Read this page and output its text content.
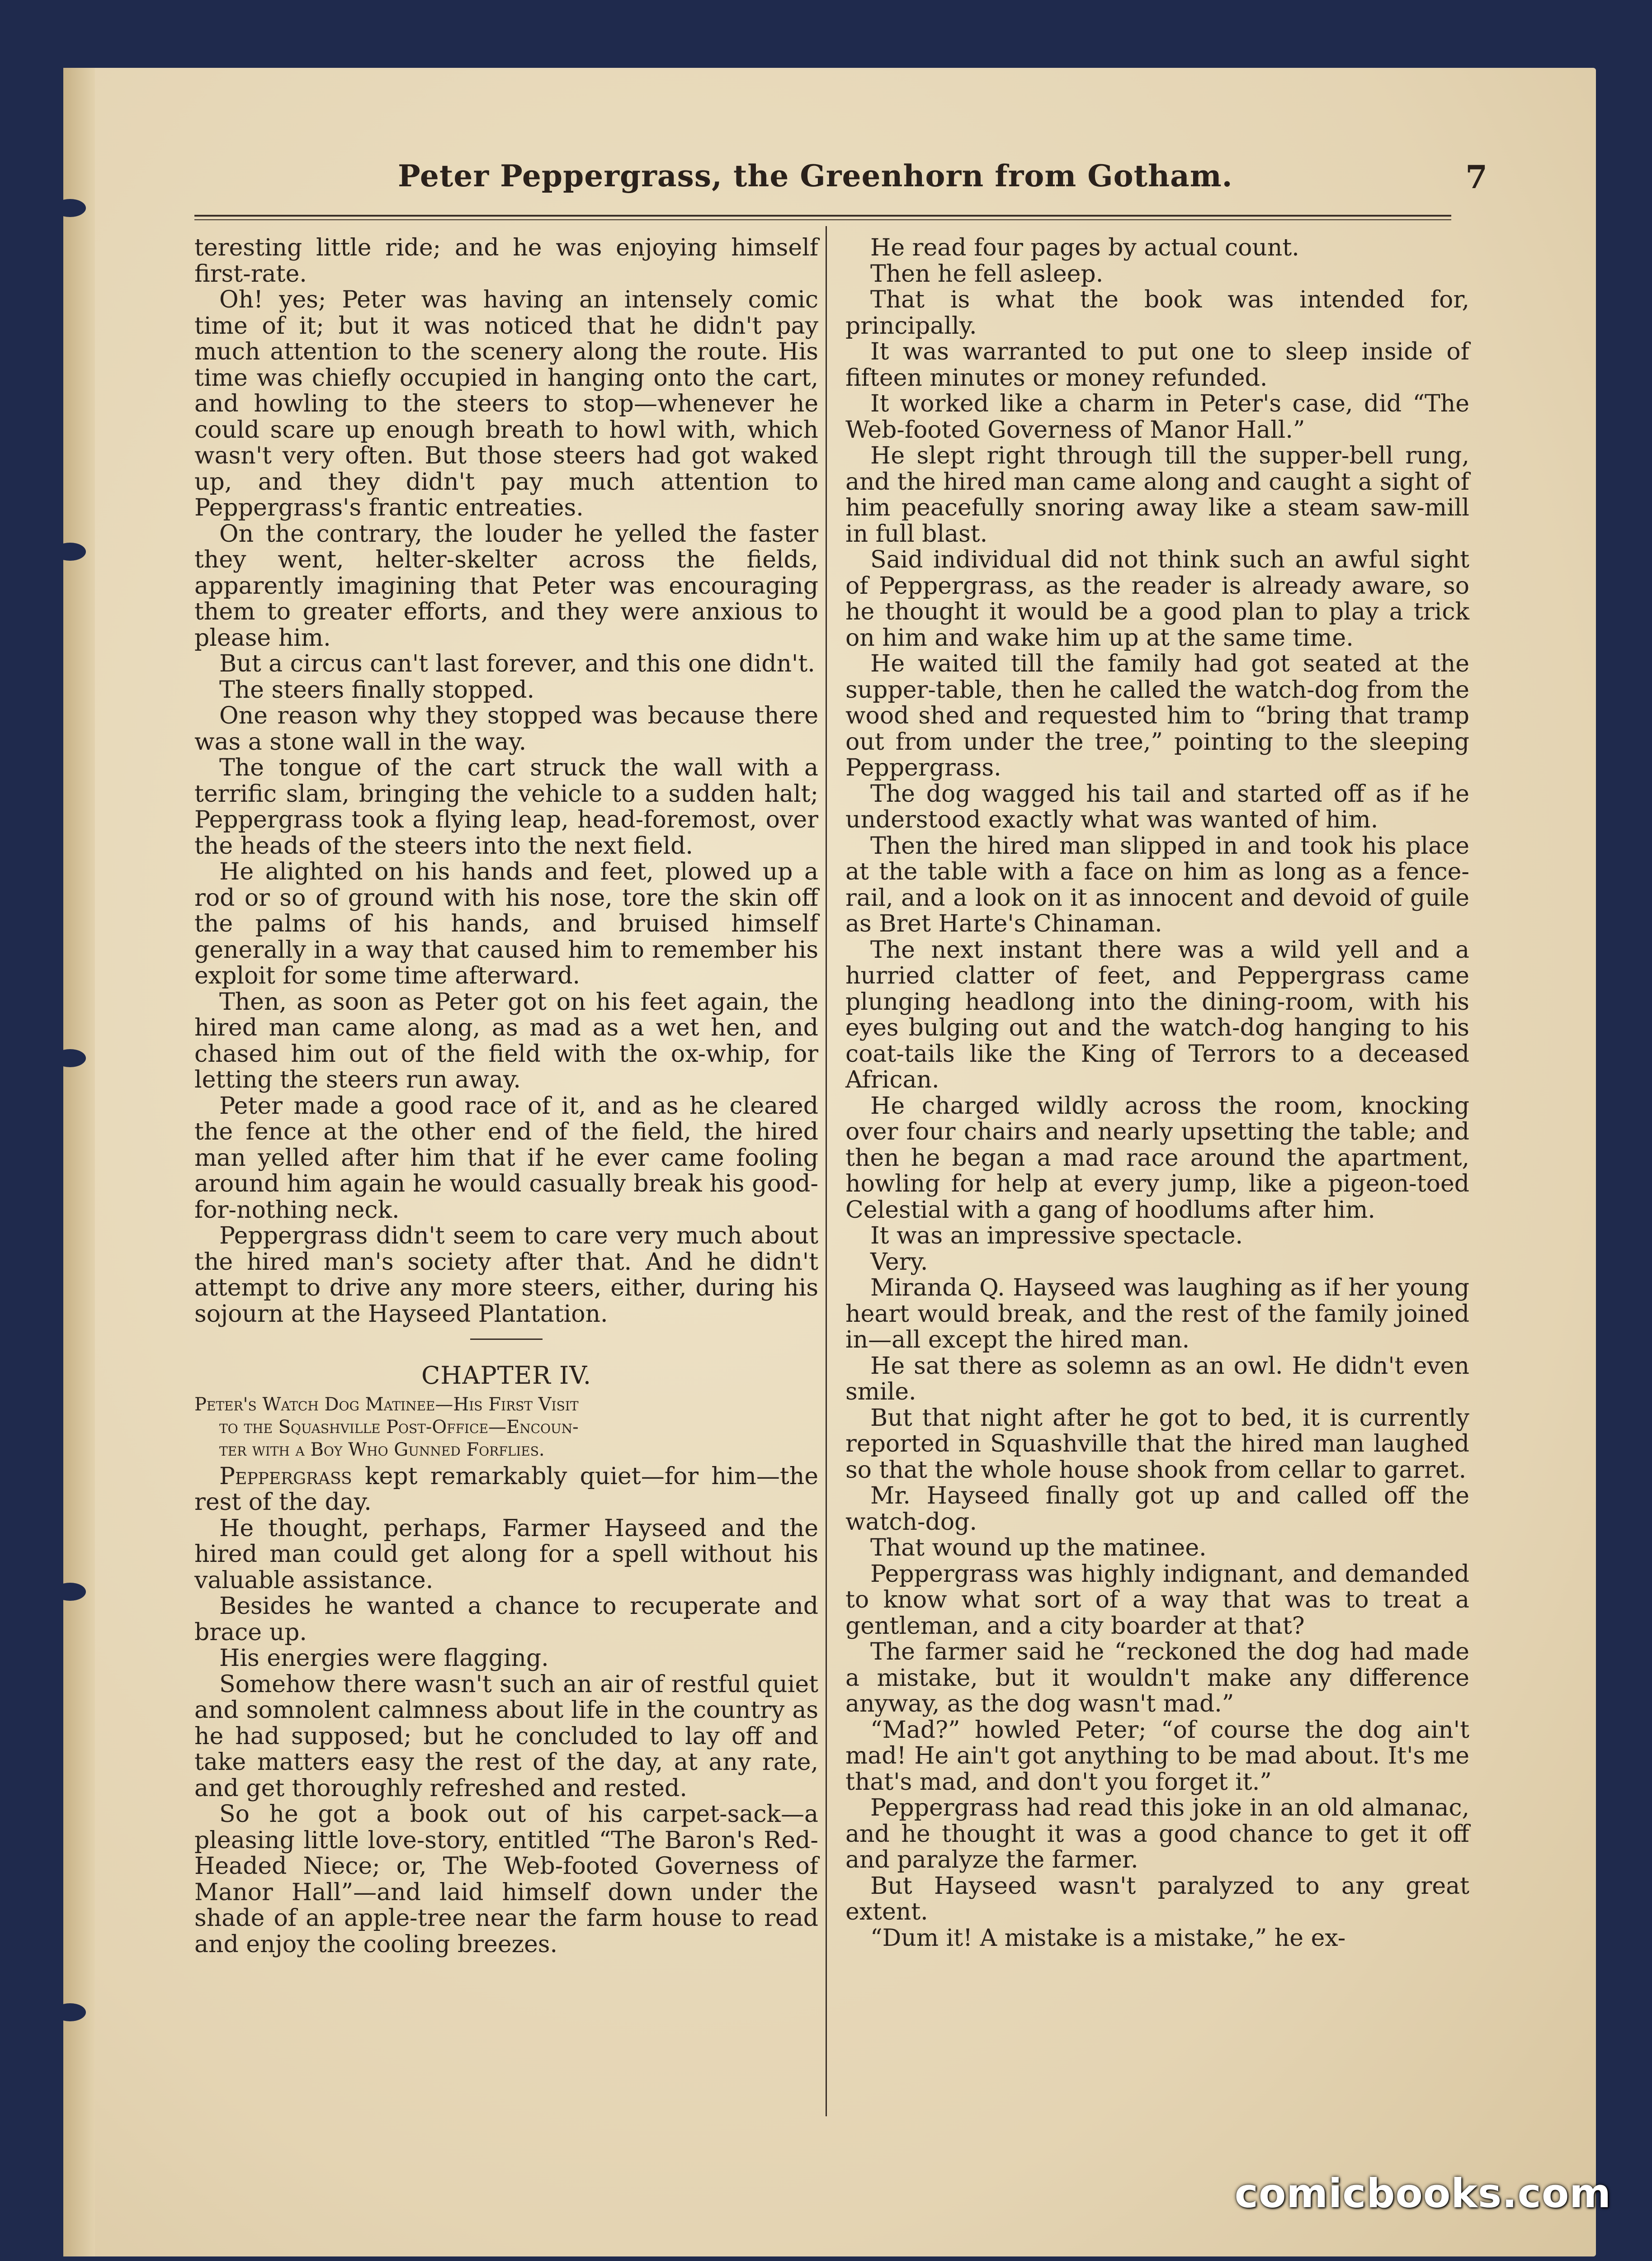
Peter Peppergrass, the Greenhorn from Gotham.	7

teresting little ride; and he was enjoying himself first-rate.

Oh! yes; Peter was having an intensely comic time of it; but it was noticed that he didn't pay much attention to the scenery along the route. His time was chiefly occupied in hanging onto the cart, and howling to the steers to stop—whenever he could scare up enough breath to howl with, which wasn't very often. But those steers had got waked up, and they didn't pay much attention to Peppergrass's frantic entreaties.

On the contrary, the louder he yelled the faster they went, helter-skelter across the fields, apparently imagining that Peter was encouraging them to greater efforts, and they were anxious to please him.

But a circus can't last forever, and this one didn't.

The steers finally stopped.

One reason why they stopped was because there was a stone wall in the way.

The tongue of the cart struck the wall with a terrific slam, bringing the vehicle to a sudden halt; Peppergrass took a flying leap, head-foremost, over the heads of the steers into the next field.

He alighted on his hands and feet, plowed up a rod or so of ground with his nose, tore the skin off the palms of his hands, and bruised himself generally in a way that caused him to remember his exploit for some time afterward.

Then, as soon as Peter got on his feet again, the hired man came along, as mad as a wet hen, and chased him out of the field with the ox-whip, for letting the steers run away.

Peter made a good race of it, and as he cleared the fence at the other end of the field, the hired man yelled after him that if he ever came fooling around him again he would casually break his good-for-nothing neck.

Peppergrass didn't seem to care very much about the hired man's society after that. And he didn't attempt to drive any more steers, either, during his sojourn at the Hayseed Plantation.

CHAPTER IV.
Peter's Watch Dog Matinee—His First Visit
to the Squashville Post-Office—Encoun-
ter with a Boy Who Gunned Forflies.

Peppergrass kept remarkably quiet—for him—the rest of the day.

He thought, perhaps, Farmer Hayseed and the hired man could get along for a spell without his valuable assistance.

Besides he wanted a chance to recuperate and brace up.

His energies were flagging.

Somehow there wasn't such an air of restful quiet and somnolent calmness about life in the country as he had supposed; but he concluded to lay off and take matters easy the rest of the day, at any rate, and get thoroughly refreshed and rested.

So he got a book out of his carpet-sack—a pleasing little love-story, entitled “The Baron's Red-Headed Niece; or, The Web-footed Governess of Manor Hall”—and laid himself down under the shade of an apple-tree near the farm house to read and enjoy the cooling breezes.

He read four pages by actual count.

Then he fell asleep.

That is what the book was intended for, principally.

It was warranted to put one to sleep inside of fifteen minutes or money refunded.

It worked like a charm in Peter's case, did “The Web-footed Governess of Manor Hall.”

He slept right through till the supper-bell rung, and the hired man came along and caught a sight of him peacefully snoring away like a steam saw-mill in full blast.

Said individual did not think such an awful sight of Peppergrass, as the reader is already aware, so he thought it would be a good plan to play a trick on him and wake him up at the same time.

He waited till the family had got seated at the supper-table, then he called the watch-dog from the wood shed and requested him to “bring that tramp out from under the tree,” pointing to the sleeping Peppergrass.

The dog wagged his tail and started off as if he understood exactly what was wanted of him.

Then the hired man slipped in and took his place at the table with a face on him as long as a fence-rail, and a look on it as innocent and devoid of guile as Bret Harte's Chinaman.

The next instant there was a wild yell and a hurried clatter of feet, and Peppergrass came plunging headlong into the dining-room, with his eyes bulging out and the watch-dog hanging to his coat-tails like the King of Terrors to a deceased African.

He charged wildly across the room, knocking over four chairs and nearly upsetting the table; and then he began a mad race around the apartment, howling for help at every jump, like a pigeon-toed Celestial with a gang of hoodlums after him.

It was an impressive spectacle.

Very.

Miranda Q. Hayseed was laughing as if her young heart would break, and the rest of the family joined in—all except the hired man.

He sat there as solemn as an owl. He didn't even smile.

But that night after he got to bed, it is currently reported in Squashville that the hired man laughed so that the whole house shook from cellar to garret.

Mr. Hayseed finally got up and called off the watch-dog.

That wound up the matinee.

Peppergrass was highly indignant, and demanded to know what sort of a way that was to treat a gentleman, and a city boarder at that?

The farmer said he “reckoned the dog had made a mistake, but it wouldn't make any difference anyway, as the dog wasn't mad.”

“Mad?” howled Peter; “of course the dog ain't mad! He ain't got anything to be mad about. It's me that's mad, and don't you forget it.”

Peppergrass had read this joke in an old almanac, and he thought it was a good chance to get it off and paralyze the farmer.

But Hayseed wasn't paralyzed to any great extent.

“Dum it! A mistake is a mistake,” he ex-

comicbooks.com
